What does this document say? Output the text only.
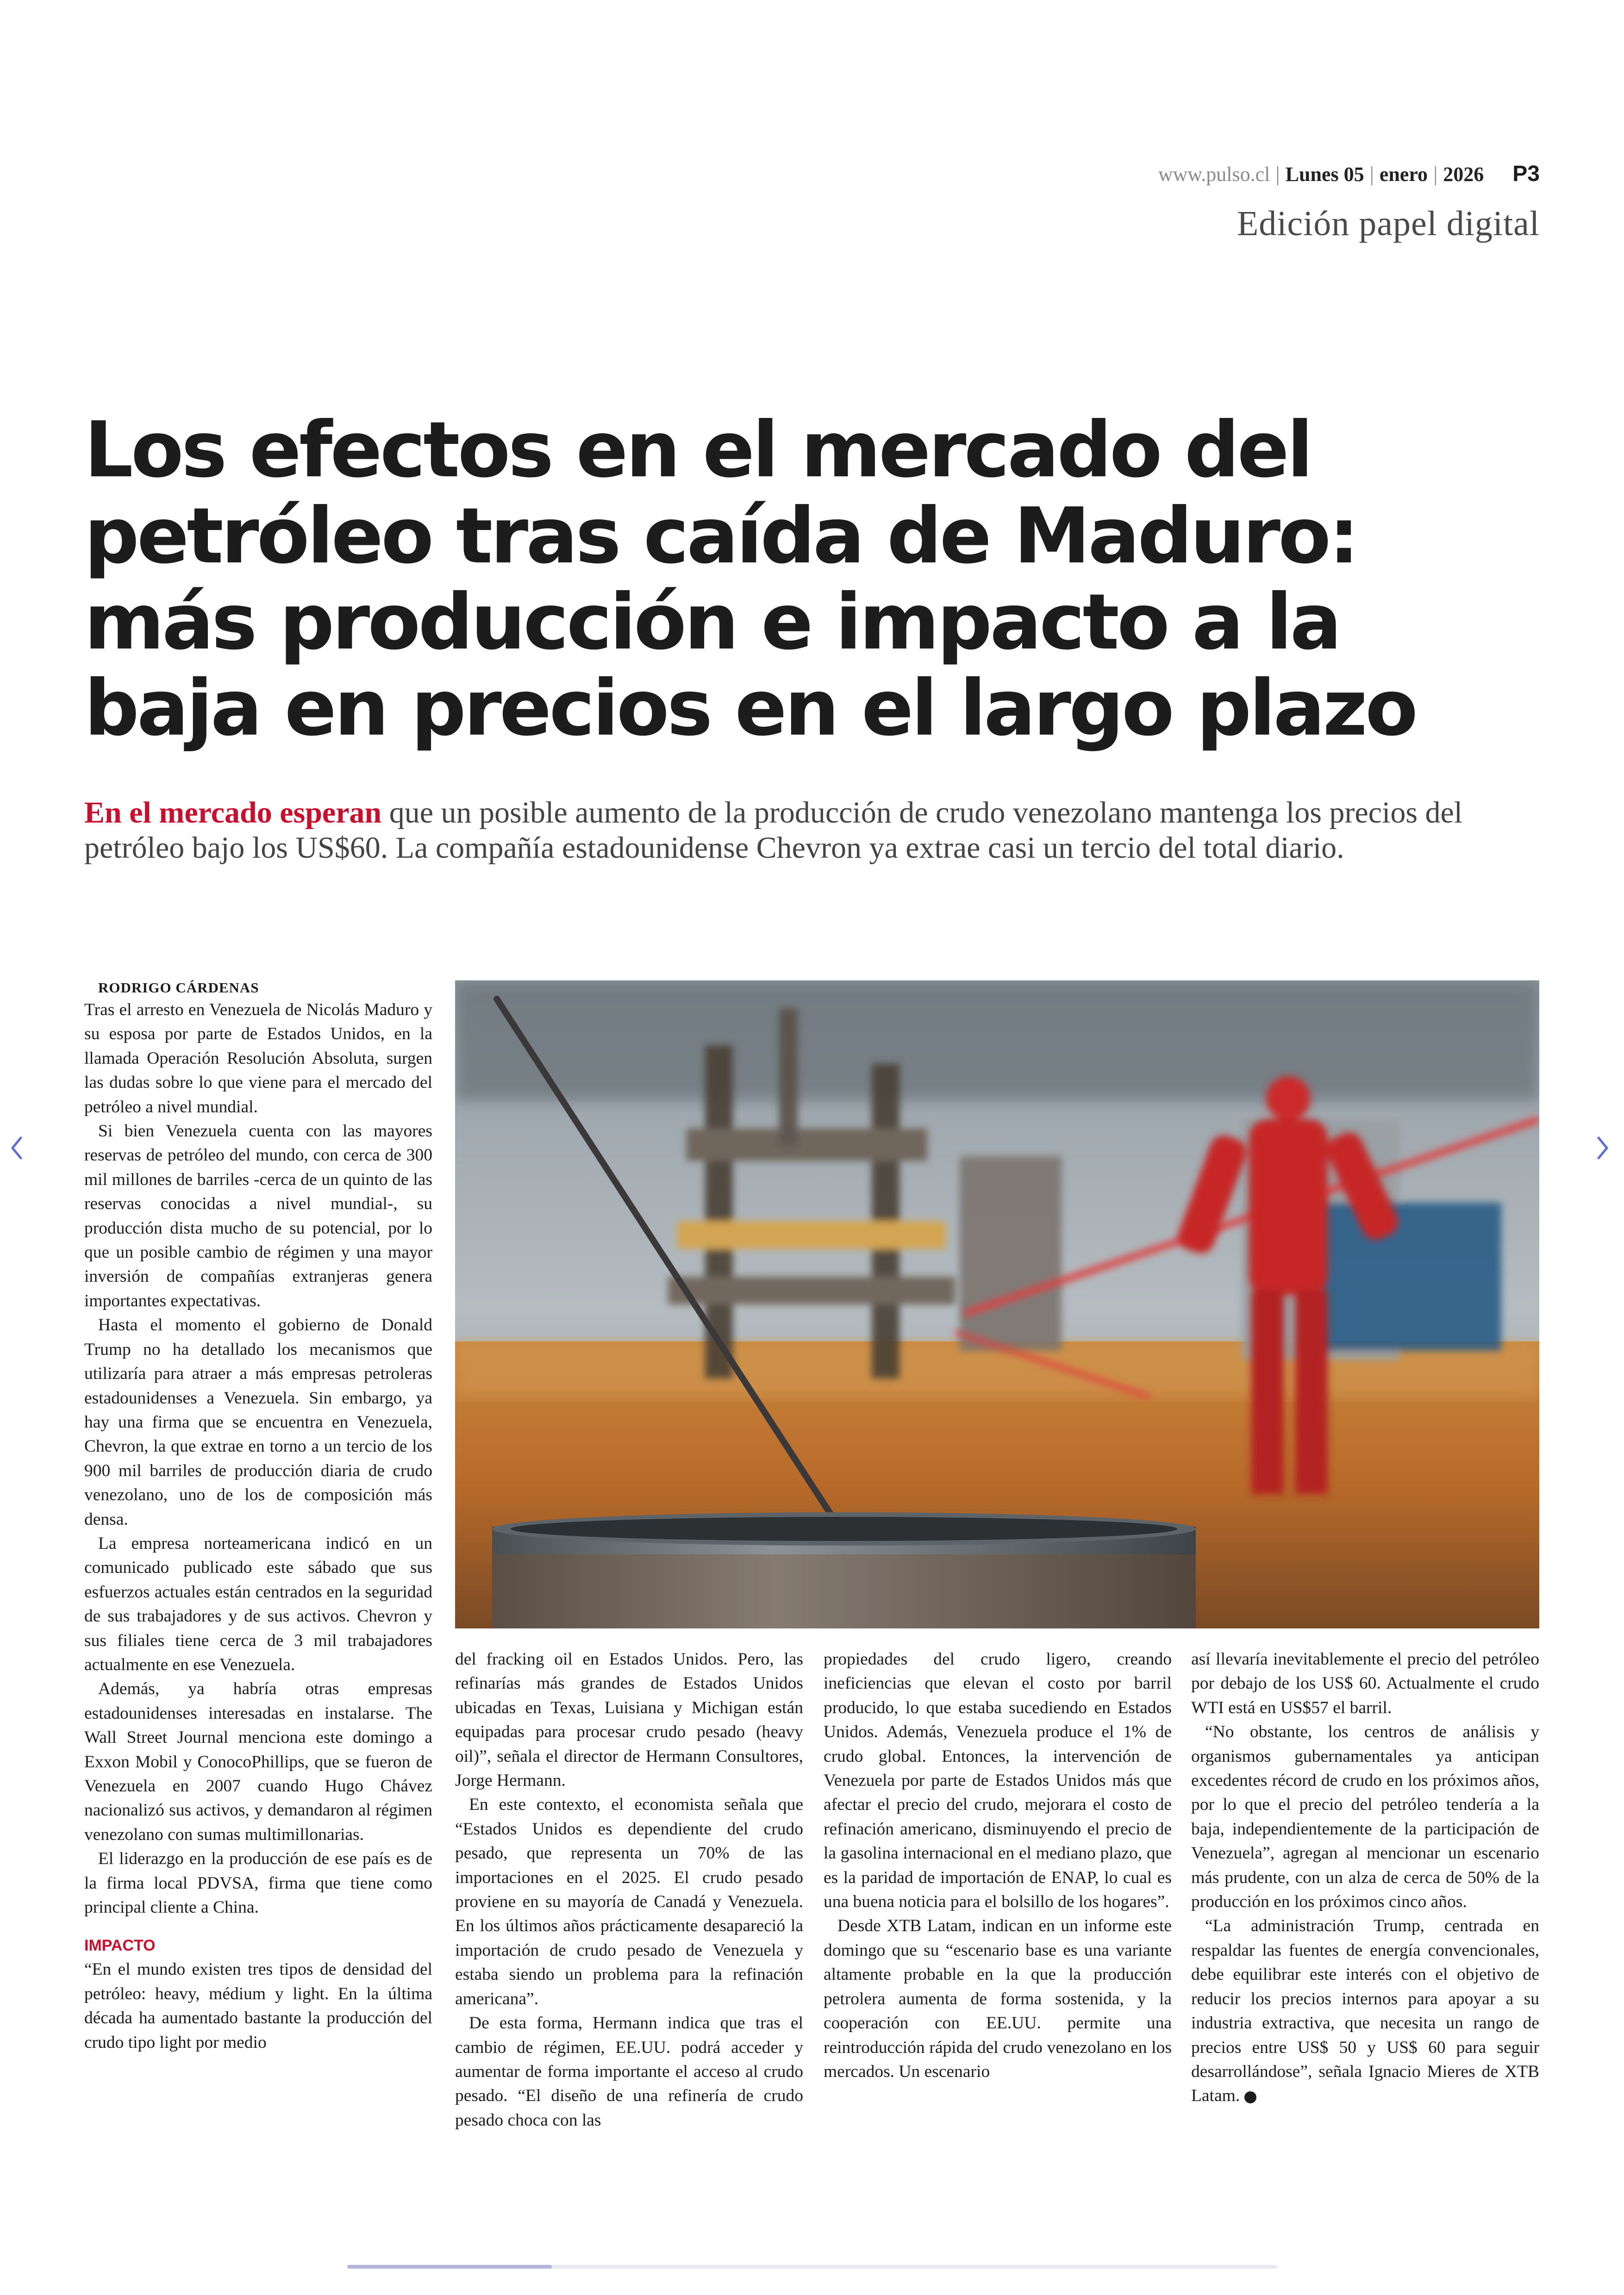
www.pulso.cl | Lunes 05 | enero | 2026 P3
Edición papel digital
Los efectos en el mercado del petróleo tras caída de Maduro: más producción e impacto a la baja en precios en el largo plazo
En el mercado esperan que un posible aumento de la producción de crudo venezolano mantenga los precios del petróleo bajo los US$60. La compañía estadounidense Chevron ya extrae casi un tercio del total diario.

RODRIGO CÁRDENAS

Tras el arresto en Venezuela de Nicolás Maduro y su esposa por parte de Estados Unidos, en la llamada Operación Resolución Absoluta, surgen las dudas sobre lo que viene para el mercado del petróleo a nivel mundial.

Si bien Venezuela cuenta con las mayores reservas de petróleo del mundo, con cerca de 300 mil millones de barriles -cerca de un quinto de las reservas conocidas a nivel mundial-, su producción dista mucho de su potencial, por lo que un posible cambio de régimen y una mayor inversión de compañías extranjeras genera importantes expectativas.

Hasta el momento el gobierno de Donald Trump no ha detallado los mecanismos que utilizaría para atraer a más empresas petroleras estadounidenses a Venezuela. Sin embargo, ya hay una firma que se encuentra en Venezuela, Chevron, la que extrae en torno a un tercio de los 900 mil barriles de producción diaria de crudo venezolano, uno de los de composición más densa.

La empresa norteamericana indicó en un comunicado publicado este sábado que sus esfuerzos actuales están centrados en la seguridad de sus trabajadores y de sus activos. Chevron y sus filiales tiene cerca de 3 mil trabajadores actualmente en ese Venezuela.

Además, ya habría otras empresas estadounidenses interesadas en instalarse. The Wall Street Journal menciona este domingo a Exxon Mobil y ConocoPhillips, que se fueron de Venezuela en 2007 cuando Hugo Chávez nacionalizó sus activos, y demandaron al régimen venezolano con sumas multimillonarias.

El liderazgo en la producción de ese país es de la firma local PDVSA, firma que tiene como principal cliente a China.

IMPACTO

“En el mundo existen tres tipos de densidad del petróleo: heavy, médium y light. En la última década ha aumentado bastante la producción del crudo tipo light por medio

del fracking oil en Estados Unidos. Pero, las refinarías más grandes de Estados Unidos ubicadas en Texas, Luisiana y Michigan están equipadas para procesar crudo pesado (heavy oil)”, señala el director de Hermann Consultores, Jorge Hermann.

En este contexto, el economista señala que “Estados Unidos es dependiente del crudo pesado, que representa un 70% de las importaciones en el 2025. El crudo pesado proviene en su mayoría de Canadá y Venezuela. En los últimos años prácticamente desapareció la importación de crudo pesado de Venezuela y estaba siendo un problema para la refinación americana”.

De esta forma, Hermann indica que tras el cambio de régimen, EE.UU. podrá acceder y aumentar de forma importante el acceso al crudo pesado. “El diseño de una refinería de crudo pesado choca con las

propiedades del crudo ligero, creando ineficiencias que elevan el costo por barril producido, lo que estaba sucediendo en Estados Unidos. Además, Venezuela produce el 1% de crudo global. Entonces, la intervención de Venezuela por parte de Estados Unidos más que afectar el precio del crudo, mejorara el costo de refinación americano, disminuyendo el precio de la gasolina internacional en el mediano plazo, que es la paridad de importación de ENAP, lo cual es una buena noticia para el bolsillo de los hogares”.

Desde XTB Latam, indican en un informe este domingo que su “escenario base es una variante altamente probable en la que la producción petrolera aumenta de forma sostenida, y la cooperación con EE.UU. permite una reintroducción rápida del crudo venezolano en los mercados. Un escenario

así llevaría inevitablemente el precio del petróleo por debajo de los US$ 60. Actualmente el crudo WTI está en US$57 el barril.

“No obstante, los centros de análisis y organismos gubernamentales ya anticipan excedentes récord de crudo en los próximos años, por lo que el precio del petróleo tendería a la baja, independientemente de la participación de Venezuela”, agregan al mencionar un escenario más prudente, con un alza de cerca de 50% de la producción en los próximos cinco años.

“La administración Trump, centrada en respaldar las fuentes de energía convencionales, debe equilibrar este interés con el objetivo de reducir los precios internos para apoyar a su industria extractiva, que necesita un rango de precios entre US$ 50 y US$ 60 para seguir desarrollándose”, señala Ignacio Mieres de XTB Latam.
